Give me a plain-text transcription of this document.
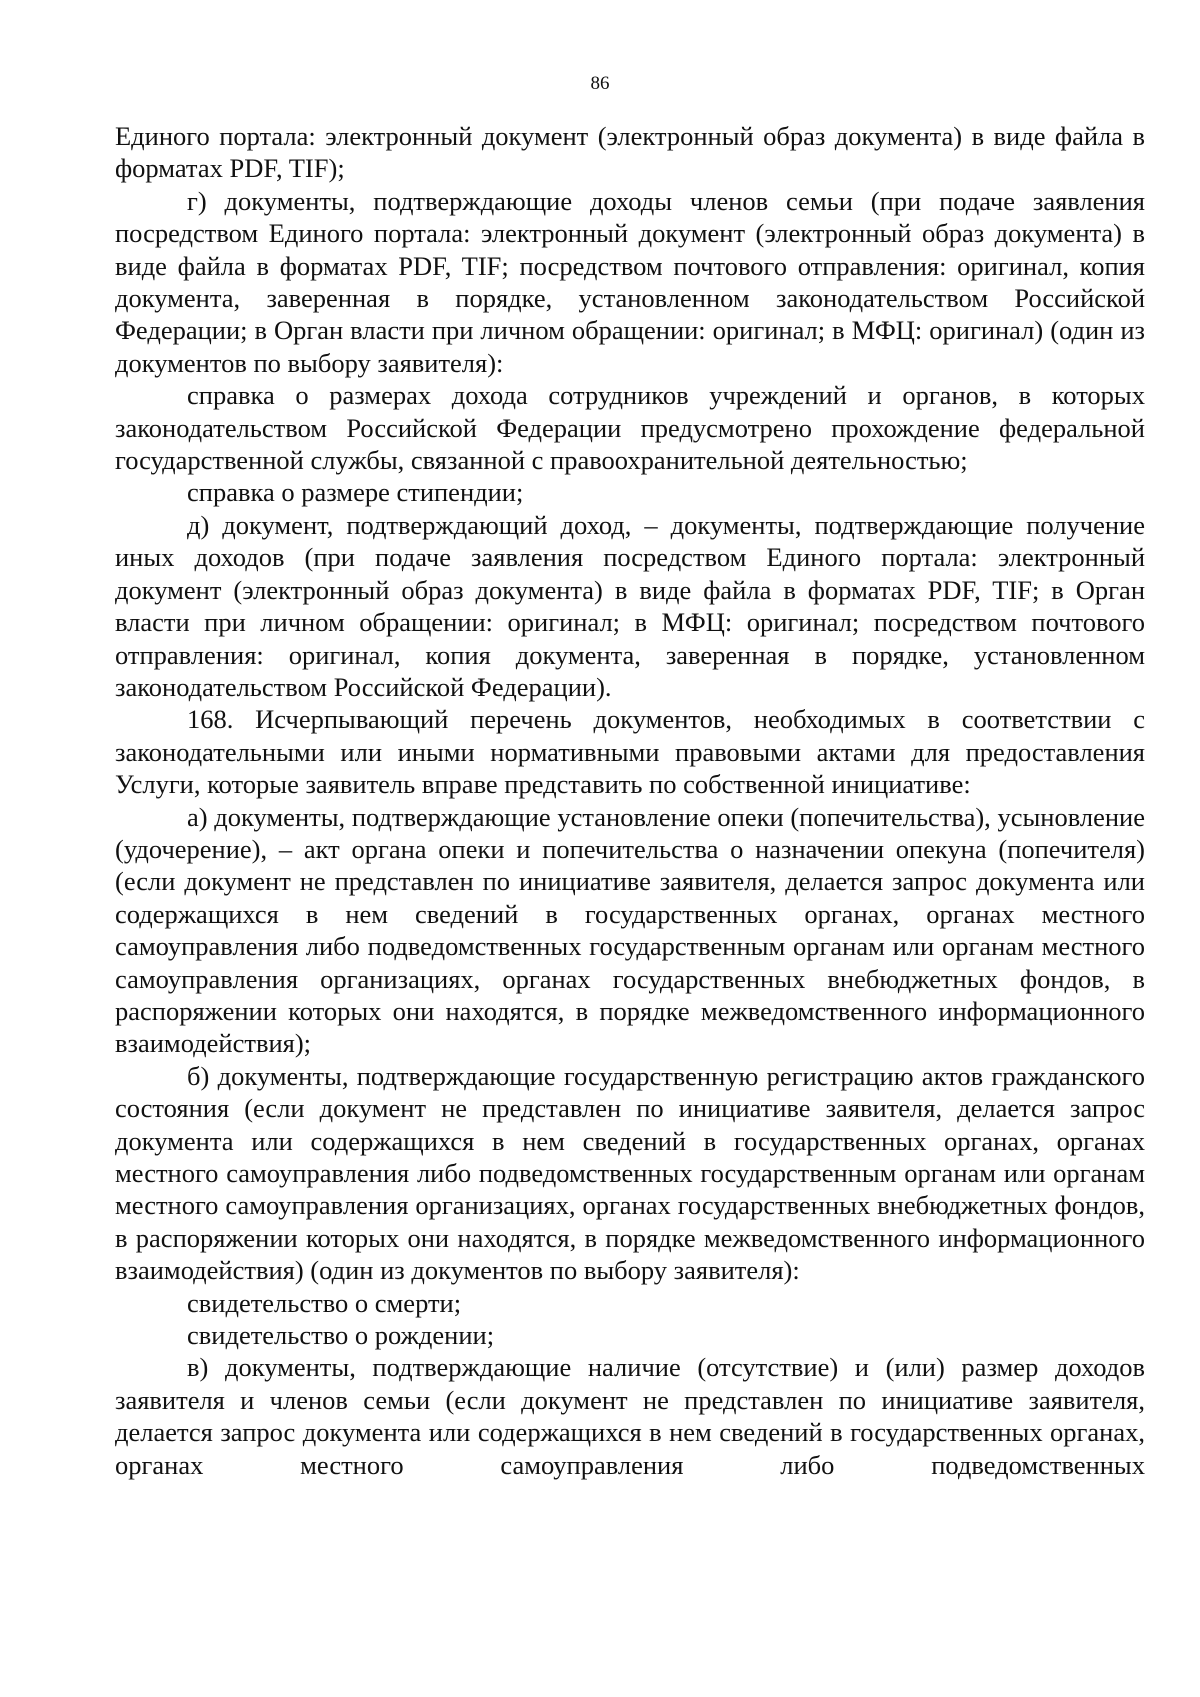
86

Единого портала: электронный документ (электронный образ документа) в виде файла в форматах PDF, TIF);

г) документы, подтверждающие доходы членов семьи (при подаче заявления посредством Единого портала: электронный документ (электронный образ документа) в виде файла в форматах PDF, TIF; посредством почтового отправления: оригинал, копия документа, заверенная в порядке, установленном законодательством Российской Федерации; в Орган власти при личном обращении: оригинал; в МФЦ: оригинал) (один из документов по выбору заявителя):

справка о размерах дохода сотрудников учреждений и органов, в которых законодательством Российской Федерации предусмотрено прохождение федеральной государственной службы, связанной с правоохранительной деятельностью;

справка о размере стипендии;

д) документ, подтверждающий доход, – документы, подтверждающие получение иных доходов (при подаче заявления посредством Единого портала: электронный документ (электронный образ документа) в виде файла в форматах PDF, TIF; в Орган власти при личном обращении: оригинал; в МФЦ: оригинал; посредством почтового отправления: оригинал, копия документа, заверенная в порядке, установленном законодательством Российской Федерации).

168. Исчерпывающий перечень документов, необходимых в соответствии с законодательными или иными нормативными правовыми актами для предоставления Услуги, которые заявитель вправе представить по собственной инициативе:

а) документы, подтверждающие установление опеки (попечительства), усыновление (удочерение), – акт органа опеки и попечительства о назначении опекуна (попечителя) (если документ не представлен по инициативе заявителя, делается запрос документа или содержащихся в нем сведений в государственных органах, органах местного самоуправления либо подведомственных государственным органам или органам местного самоуправления организациях, органах государственных внебюджетных фондов, в распоряжении которых они находятся, в порядке межведомственного информационного взаимодействия);

б) документы, подтверждающие государственную регистрацию актов гражданского состояния (если документ не представлен по инициативе заявителя, делается запрос документа или содержащихся в нем сведений в государственных органах, органах местного самоуправления либо подведомственных государственным органам или органам местного самоуправления организациях, органах государственных внебюджетных фондов, в распоряжении которых они находятся, в порядке межведомственного информационного взаимодействия) (один из документов по выбору заявителя):

свидетельство о смерти;

свидетельство о рождении;

в) документы, подтверждающие наличие (отсутствие) и (или) размер доходов заявителя и членов семьи (если документ не представлен по инициативе заявителя, делается запрос документа или содержащихся в нем сведений в государственных органах, органах местного самоуправления либо подведомственных
